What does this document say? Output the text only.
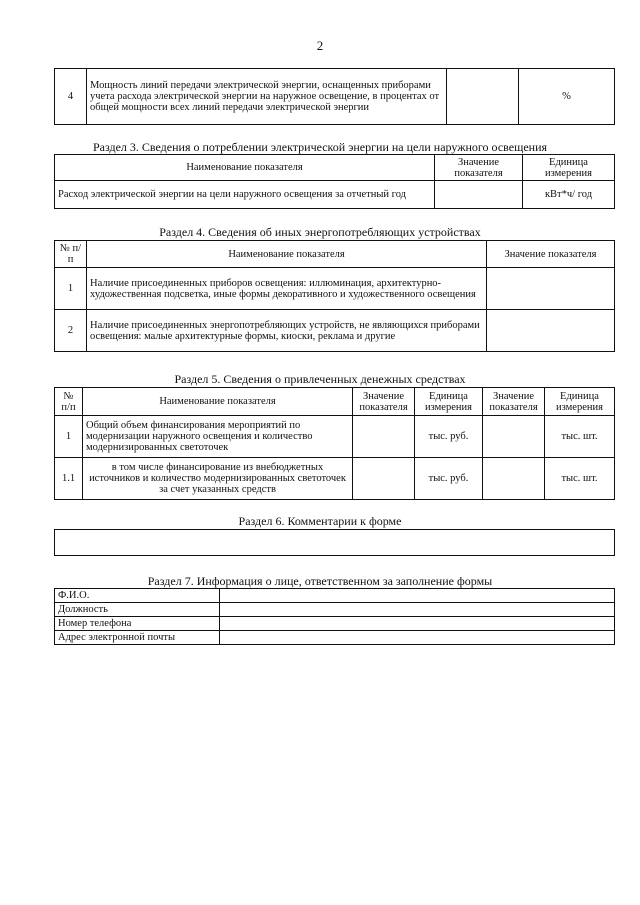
2
4	Мощность линий передачи электрической энергии, оснащенных приборами учета расхода электрической энергии на наружное освещение, в процентах от общей мощности всех линий передачи электрической энергии		%
Раздел 3. Сведения о потреблении электрической энергии на цели наружного освещения
Наименование показателя	Значение показателя	Единица измерения
Расход электрической энергии на цели наружного освещения за отчетный год		кВт*ч/ год
Раздел 4. Сведения об иных энергопотребляющих устройствах
№ п/п	Наименование показателя	Значение показателя
1	Наличие присоединенных приборов освещения: иллюминация, архитектурно-художественная подсветка, иные формы декоративного и художественного освещения	
2	Наличие присоединенных энергопотребляющих устройств, не являющихся приборами освещения: малые архитектурные формы, киоски, реклама и другие	
Раздел 5. Сведения о привлеченных денежных средствах
№ п/п	Наименование показателя	Значение показателя	Единица измерения	Значение показателя	Единица измерения
1	Общий объем финансирования мероприятий по модернизации наружного освещения и количество модернизированных светоточек		тыс. руб.		тыс. шт.
1.1	в том числе финансирование из внебюджетных источников и количество модернизированных светоточек за счет указанных средств		тыс. руб.		тыс. шт.
Раздел 6. Комментарии к форме
Раздел 7. Информация о лице, ответственном за заполнение формы
Ф.И.О.	
Должность	
Номер телефона	
Адрес электронной почты	
